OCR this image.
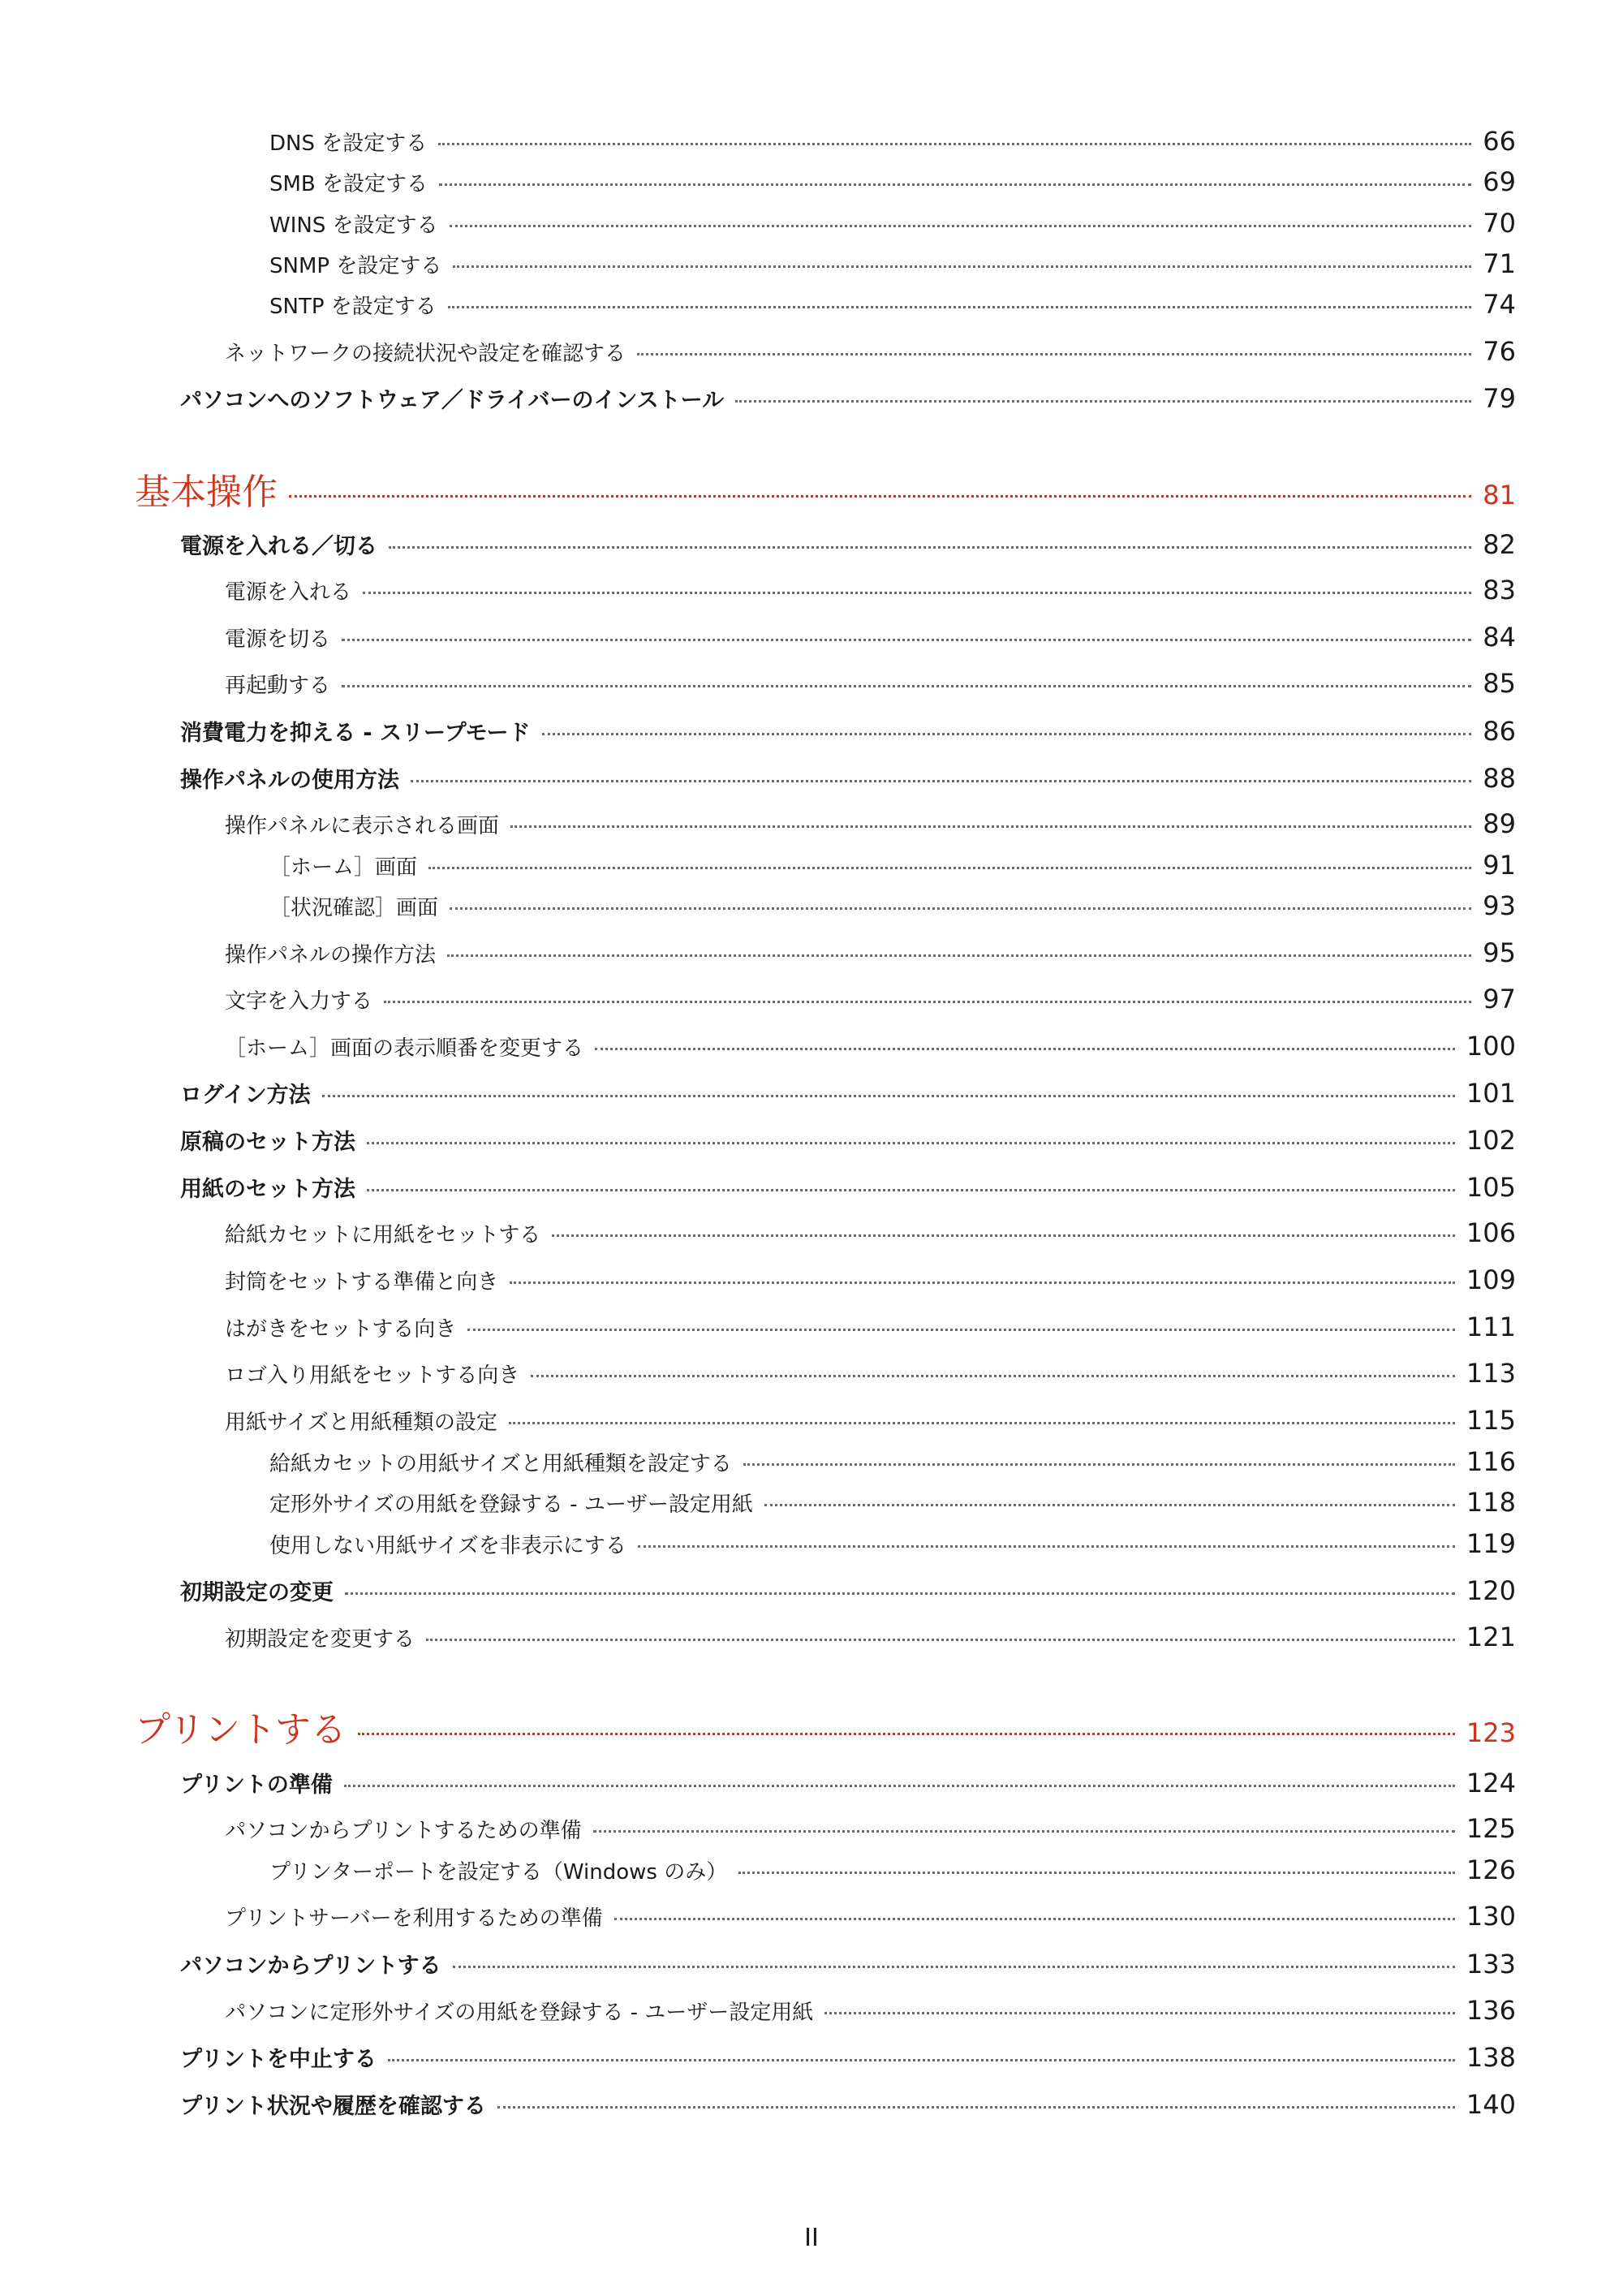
DNS を設定する	66
SMB を設定する	69
WINS を設定する	70
SNMP を設定する	71
SNTP を設定する	74
ネットワークの接続状況や設定を確認する	76
パソコンへのソフトウェア／ドライバーのインストール	79
基本操作	81
電源を入れる／切る	82
電源を入れる	83
電源を切る	84
再起動する	85
消費電力を抑える - スリープモード	86
操作パネルの使用方法	88
操作パネルに表示される画面	89
［ホーム］画面	91
［状況確認］画面	93
操作パネルの操作方法	95
文字を入力する	97
［ホーム］画面の表示順番を変更する	100
ログイン方法	101
原稿のセット方法	102
用紙のセット方法	105
給紙カセットに用紙をセットする	106
封筒をセットする準備と向き	109
はがきをセットする向き	111
ロゴ入り用紙をセットする向き	113
用紙サイズと用紙種類の設定	115
給紙カセットの用紙サイズと用紙種類を設定する	116
定形外サイズの用紙を登録する - ユーザー設定用紙	118
使用しない用紙サイズを非表示にする	119
初期設定の変更	120
初期設定を変更する	121
プリントする	123
プリントの準備	124
パソコンからプリントするための準備	125
プリンターポートを設定する（Windows のみ）	126
プリントサーバーを利用するための準備	130
パソコンからプリントする	133
パソコンに定形外サイズの用紙を登録する - ユーザー設定用紙	136
プリントを中止する	138
プリント状況や履歴を確認する	140
II
